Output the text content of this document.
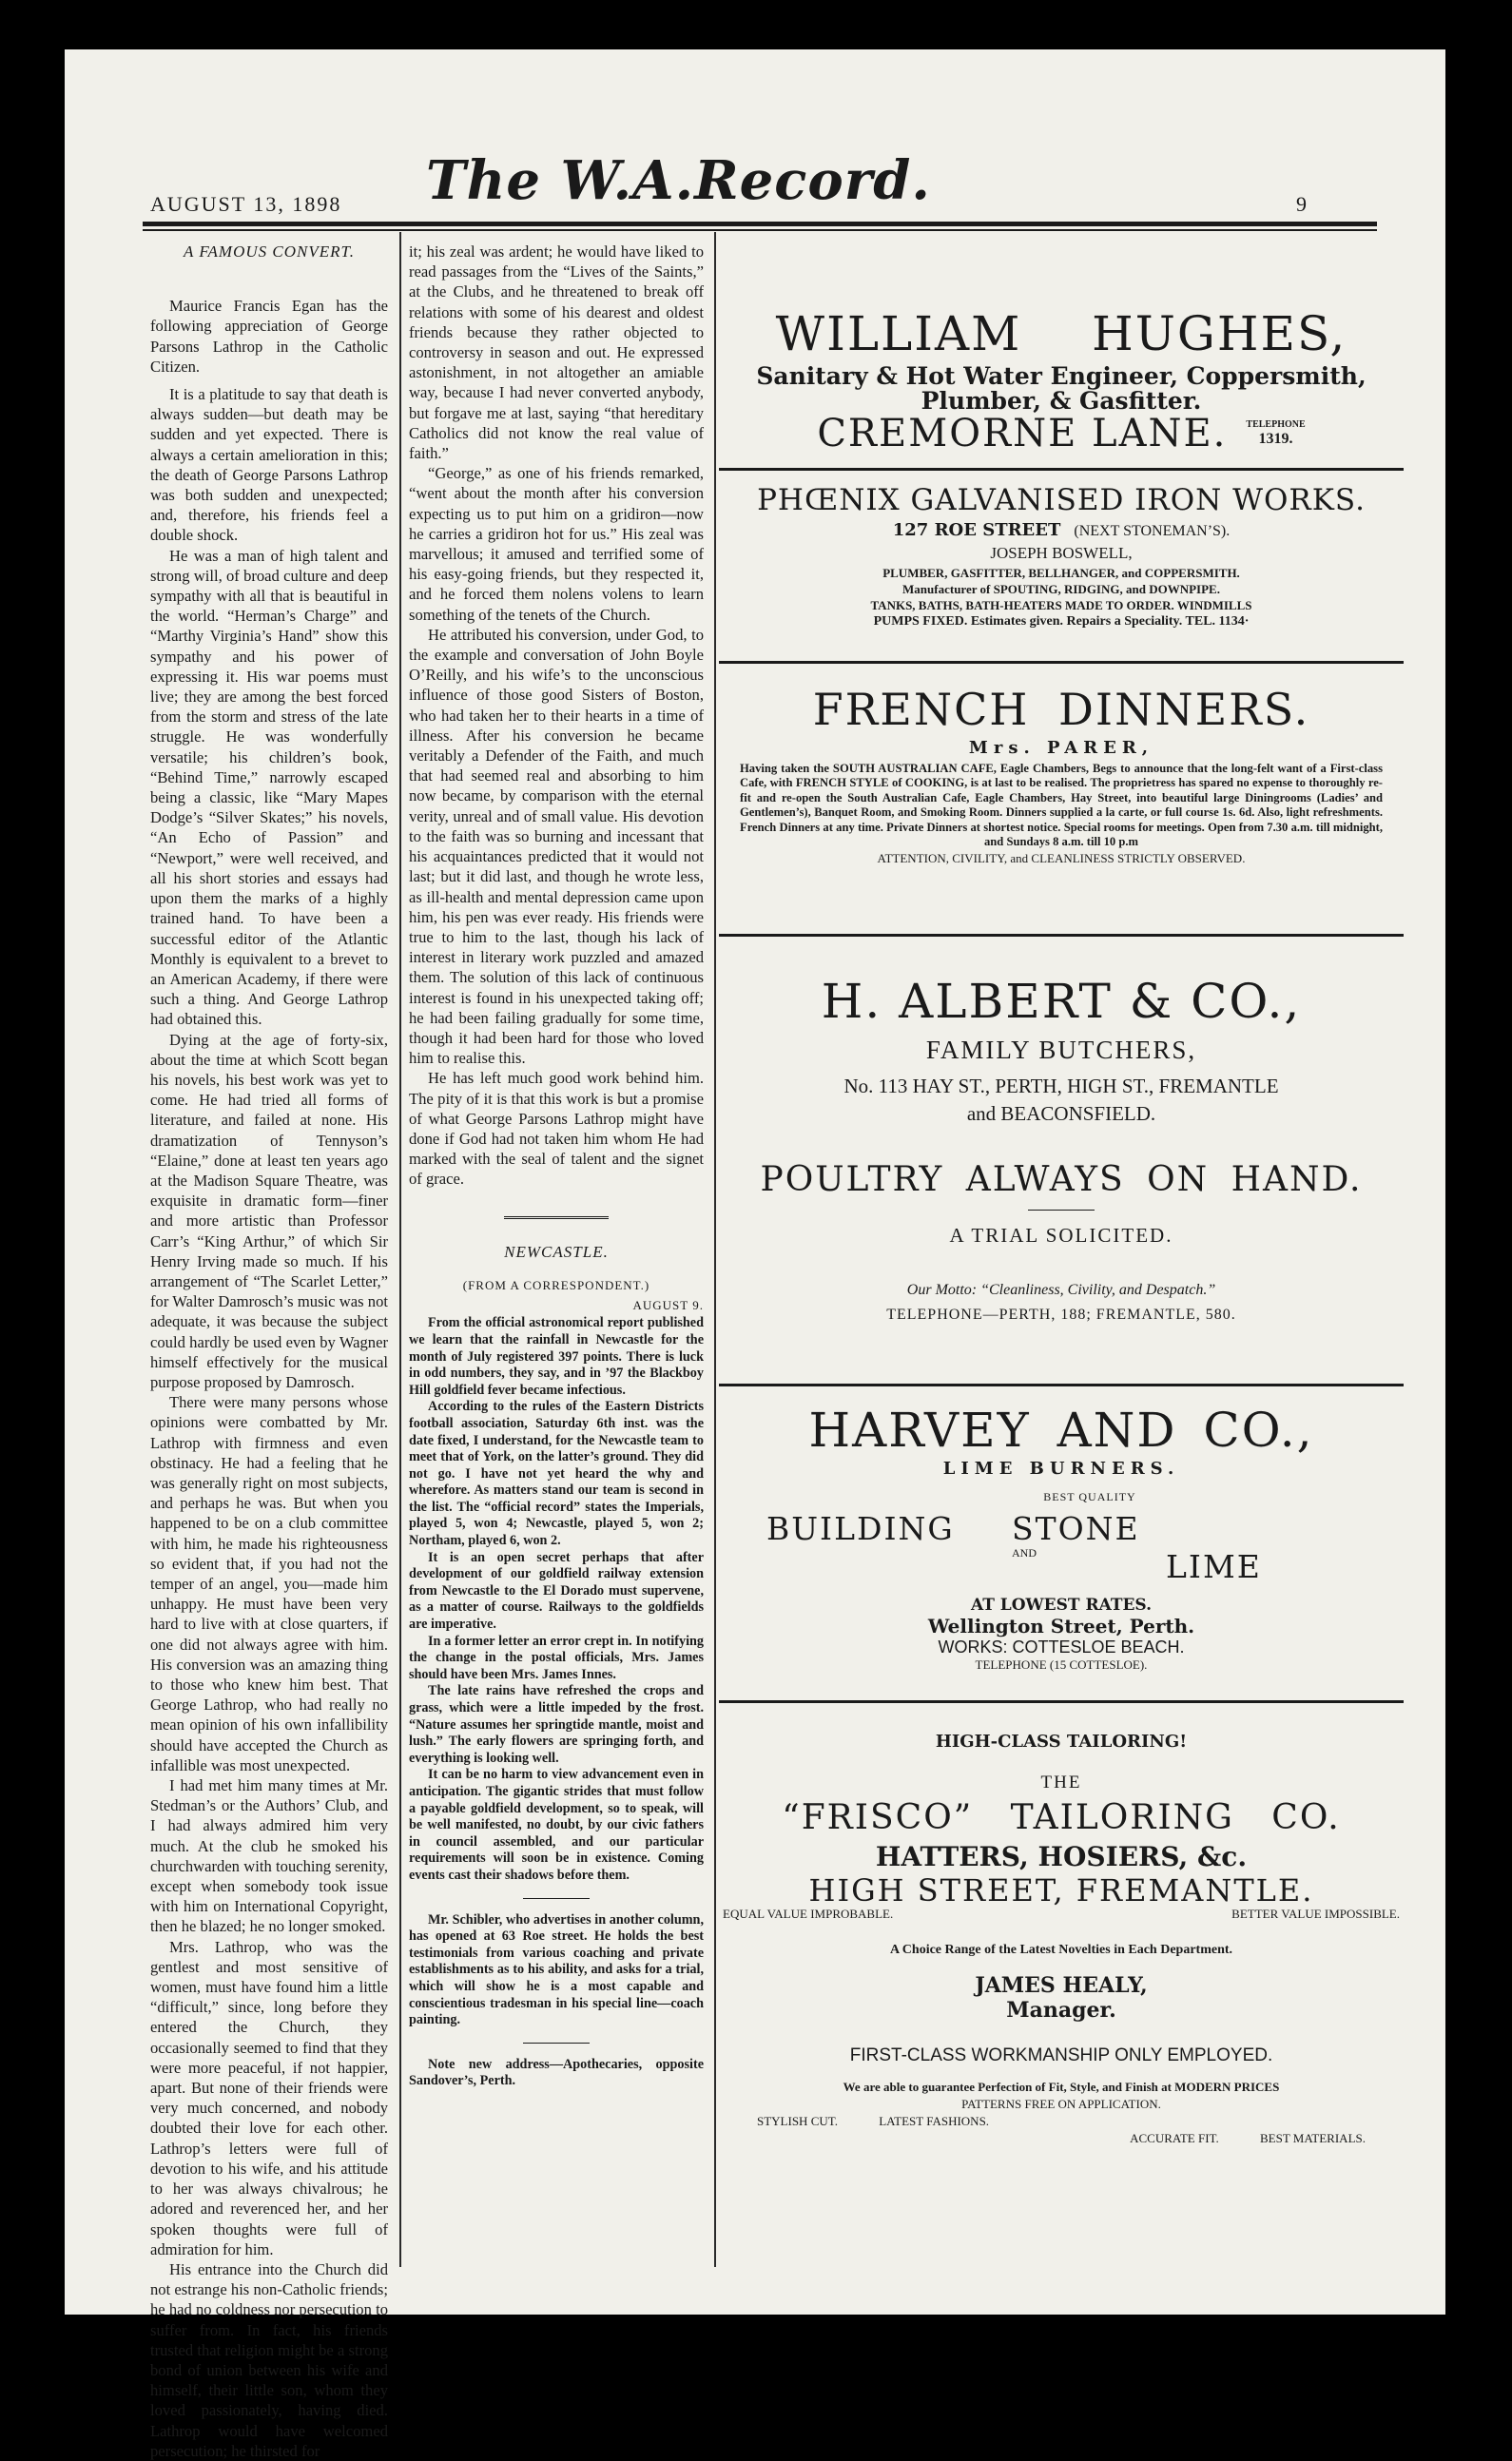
AUGUST 13, 1898 The W.A.Record.	9

A FAMOUS CONVERT.

Maurice Francis Egan has the following appreciation of George Parsons Lathrop in the Catholic Citizen.

It is a platitude to say that death is always sudden—but death may be sudden and yet expected. There is always a certain amelioration in this; the death of George Parsons Lathrop was both sudden and unexpected; and, therefore, his friends feel a double shock.

He was a man of high talent and strong will, of broad culture and deep sympathy with all that is beautiful in the world. “Herman’s Charge” and “Marthy Virginia’s Hand” show this sympathy and his power of expressing it. His war poems must live; they are among the best forced from the storm and stress of the late struggle. He was wonderfully versatile; his children’s book, “Behind Time,” narrowly escaped being a classic, like “Mary Mapes Dodge’s “Silver Skates;” his novels, “An Echo of Passion” and “Newport,” were well received, and all his short stories and essays had upon them the marks of a highly trained hand. To have been a successful editor of the Atlantic Monthly is equivalent to a brevet to an American Academy, if there were such a thing. And George Lathrop had obtained this.

Dying at the age of forty-six, about the time at which Scott began his novels, his best work was yet to come. He had tried all forms of literature, and failed at none. His dramatization of Tennyson’s “Elaine,” done at least ten years ago at the Madison Square Theatre, was exquisite in dramatic form—finer and more artistic than Professor Carr’s “King Arthur,” of which Sir Henry Irving made so much. If his arrangement of “The Scarlet Letter,” for Walter Damrosch’s music was not adequate, it was because the subject could hardly be used even by Wagner himself effectively for the musical purpose proposed by Damrosch.

There were many persons whose opinions were combatted by Mr. Lathrop with firmness and even obstinacy. He had a feeling that he was generally right on most subjects, and perhaps he was. But when you happened to be on a club committee with him, he made his righteousness so evident that, if you had not the temper of an angel, you—made him unhappy. He must have been very hard to live with at close quarters, if one did not always agree with him. His conversion was an amazing thing to those who knew him best. That George Lathrop, who had really no mean opinion of his own infallibility should have accepted the Church as infallible was most unexpected.

I had met him many times at Mr. Stedman’s or the Authors’ Club, and I had always admired him very much. At the club he smoked his churchwarden with touching serenity, except when somebody took issue with him on International Copyright, then he blazed; he no longer smoked.

Mrs. Lathrop, who was the gentlest and most sensitive of women, must have found him a little “difficult,” since, long before they entered the Church, they occasionally seemed to find that they were more peaceful, if not happier, apart. But none of their friends were very much concerned, and nobody doubted their love for each other. Lathrop’s letters were full of devotion to his wife, and his attitude to her was always chivalrous; he adored and reverenced her, and her spoken thoughts were full of admiration for him.

His entrance into the Church did not estrange his non-Catholic friends; he had no coldness nor persecution to suffer from. In fact, his friends trusted that religion might be a strong bond of union between his wife and himself, their little son, whom they loved passionately, having died. Lathrop would have welcomed persecution; he thirsted for

it; his zeal was ardent; he would have liked to read passages from the “Lives of the Saints,” at the Clubs, and he threatened to break off relations with some of his dearest and oldest friends because they rather objected to controversy in season and out. He expressed astonishment, in not altogether an amiable way, because I had never converted anybody, but forgave me at last, saying “that hereditary Catholics did not know the real value of faith.”

“George,” as one of his friends remarked, “went about the month after his conversion expecting us to put him on a gridiron—now he carries a gridiron hot for us.” His zeal was marvellous; it amused and terrified some of his easy-going friends, but they respected it, and he forced them nolens volens to learn something of the tenets of the Church.

He attributed his conversion, under God, to the example and conversation of John Boyle O’Reilly, and his wife’s to the unconscious influence of those good Sisters of Boston, who had taken her to their hearts in a time of illness. After his conversion he became veritably a Defender of the Faith, and much that had seemed real and absorbing to him now became, by comparison with the eternal verity, unreal and of small value. His devotion to the faith was so burning and incessant that his acquaintances predicted that it would not last; but it did last, and though he wrote less, as ill-health and mental depression came upon him, his pen was ever ready. His friends were true to him to the last, though his lack of interest in literary work puzzled and amazed them. The solution of this lack of continuous interest is found in his unexpected taking off; he had been failing gradually for some time, though it had been hard for those who loved him to realise this.

He has left much good work behind him. The pity of it is that this work is but a promise of what George Parsons Lathrop might have done if God had not taken him whom He had marked with the seal of talent and the signet of grace.

NEWCASTLE.

(FROM A CORRESPONDENT.)

AUGUST 9.

From the official astronomical report published we learn that the rainfall in Newcastle for the month of July registered 397 points. There is luck in odd numbers, they say, and in ’97 the Blackboy Hill goldfield fever became infectious.

According to the rules of the Eastern Districts football association, Saturday 6th inst. was the date fixed, I understand, for the Newcastle team to meet that of York, on the latter’s ground. They did not go. I have not yet heard the why and wherefore. As matters stand our team is second in the list. The “official record” states the Imperials, played 5, won 4; Newcastle, played 5, won 2; Northam, played 6, won 2.

It is an open secret perhaps that after development of our goldfield railway extension from Newcastle to the El Dorado must supervene, as a matter of course. Railways to the goldfields are imperative.

In a former letter an error crept in. In notifying the change in the postal officials, Mrs. James should have been Mrs. James Innes.

The late rains have refreshed the crops and grass, which were a little impeded by the frost. “Nature assumes her springtide mantle, moist and lush.” The early flowers are springing forth, and everything is looking well.

It can be no harm to view advancement even in anticipation. The gigantic strides that must follow a payable goldfield development, so to speak, will be well manifested, no doubt, by our civic fathers in council assembled, and our particular requirements will soon be in existence. Coming events cast their shadows before them.

Mr. Schibler, who advertises in another column, has opened at 63 Roe street. He holds the best testimonials from various coaching and private establishments as to his ability, and asks for a trial, which will show he is a most capable and conscientious tradesman in his special line—coach painting.

Note new address—Apothecaries, opposite Sandover’s, Perth.

WILLIAM HUGHES,
Sanitary & Hot Water Engineer, Coppersmith,
Plumber, & Gasfitter.
CREMORNE LANE. TELEPHONE
1319.
PHŒNIX GALVANISED IRON WORKS.
127 ROE STREET (NEXT STONEMAN’S).
JOSEPH BOSWELL,
PLUMBER, GASFITTER, BELLHANGER, and COPPERSMITH.
Manufacturer of SPOUTING, RIDGING, and DOWNPIPE.
TANKS, BATHS, BATH-HEATERS MADE TO ORDER. WINDMILLS
PUMPS FIXED. Estimates given. Repairs a Speciality. TEL. 1134·
FRENCH DINNERS.
Mrs. PARER,
Having taken the SOUTH AUSTRALIAN CAFE, Eagle Chambers, Begs to announce that the long-felt want of a First-class Cafe, with FRENCH STYLE of COOKING, is at last to be realised. The proprietress has spared no expense to thoroughly re-fit and re-open the South Australian Cafe, Eagle Chambers, Hay Street, into beautiful large Diningrooms (Ladies’ and Gentlemen’s), Banquet Room, and Smoking Room. Dinners supplied a la carte, or full course 1s. 6d. Also, light refreshments. French Dinners at any time. Private Dinners at shortest notice. Special rooms for meetings. Open from 7.30 a.m. till midnight, and Sundays 8 a.m. till 10 p.m
ATTENTION, CIVILITY, and CLEANLINESS STRICTLY OBSERVED.
H. ALBERT & CO.,
FAMILY BUTCHERS,
No. 113 HAY ST., PERTH, HIGH ST., FREMANTLE
and BEACONSFIELD.
POULTRY ALWAYS ON HAND.
A TRIAL SOLICITED.
Our Motto: “Cleanliness, Civility, and Despatch.”
TELEPHONE—PERTH, 188; FREMANTLE, 580.
HARVEY AND CO.,
LIME BURNERS.
BEST QUALITY
BUILDING STONE
AND	LIME
AT LOWEST RATES.
Wellington Street, Perth.
WORKS: COTTESLOE BEACH.
TELEPHONE (15 COTTESLOE).
HIGH-CLASS TAILORING!
THE
“FRISCO” TAILORING CO.
HATTERS, HOSIERS, &c.
HIGH STREET, FREMANTLE.
EQUAL VALUE IMPROBABLE.	BETTER VALUE IMPOSSIBLE.
A Choice Range of the Latest Novelties in Each Department.
JAMES HEALY,
Manager.
FIRST-CLASS WORKMANSHIP ONLY EMPLOYED.
We are able to guarantee Perfection of Fit, Style, and Finish at MODERN PRICES
PATTERNS FREE ON APPLICATION.
STYLISH CUT.	LATEST FASHIONS.
ACCURATE FIT.	BEST MATERIALS.
